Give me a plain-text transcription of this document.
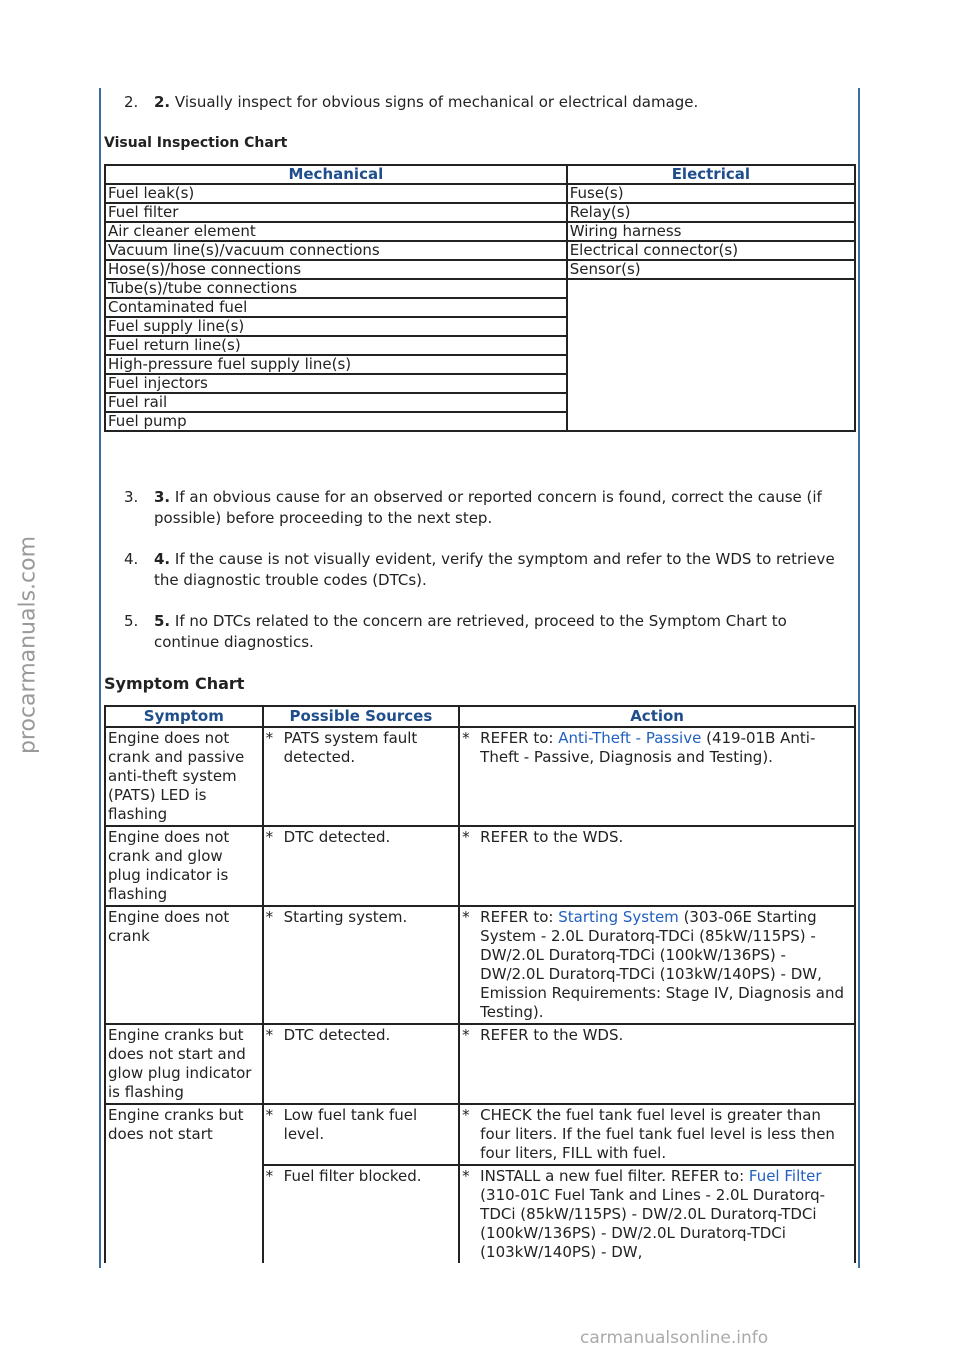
procarmanuals.com
2. 2. Visually inspect for obvious signs of mechanical or electrical damage.
Visual Inspection Chart
Mechanical	Electrical
Fuel leak(s)	Fuse(s)
Fuel filter	Relay(s)
Air cleaner element	Wiring harness
Vacuum line(s)/vacuum connections	Electrical connector(s)
Hose(s)/hose connections	Sensor(s)
Tube(s)/tube connections	
Contaminated fuel	
Fuel supply line(s)	
Fuel return line(s)	
High-pressure fuel supply line(s)	
Fuel injectors	
Fuel rail	
Fuel pump	
3. 3. If an obvious cause for an observed or reported concern is found, correct the cause (if possible) before proceeding to the next step.
4. 4. If the cause is not visually evident, verify the symptom and refer to the WDS to retrieve the diagnostic trouble codes (DTCs).
5. 5. If no DTCs related to the concern are retrieved, proceed to the Symptom Chart to continue diagnostics.
Symptom Chart
Symptom	Possible Sources	Action
Engine does not crank and passive anti-theft system (PATS) LED is flashing	* PATS system fault detected.	* REFER to: Anti-Theft - Passive (419-01B Anti-Theft - Passive, Diagnosis and Testing).

Engine does not crank and glow plug indicator is flashing	* DTC detected.	* REFER to the WDS.

Engine does not crank	* Starting system.	* REFER to: Starting System (303-06E Starting System - 2.0L Duratorq-TDCi (85kW/115PS) - DW/2.0L Duratorq-TDCi (100kW/136PS) - DW/2.0L Duratorq-TDCi (103kW/140PS) - DW, Emission Requirements: Stage IV, Diagnosis and Testing).

Engine cranks but does not start and glow plug indicator is flashing	* DTC detected.	* REFER to the WDS.

Engine cranks but does not start	* Low fuel tank fuel level.	* CHECK the fuel tank fuel level is greater than four liters. If the fuel tank fuel level is less then four liters, FILL with fuel.

	* Fuel filter blocked.	* INSTALL a new fuel filter. REFER to: Fuel Filter (310-01C Fuel Tank and Lines - 2.0L Duratorq-TDCi (85kW/115PS) - DW/2.0L Duratorq-TDCi (100kW/136PS) - DW/2.0L Duratorq-TDCi (103kW/140PS) - DW,
carmanualsonline.info
